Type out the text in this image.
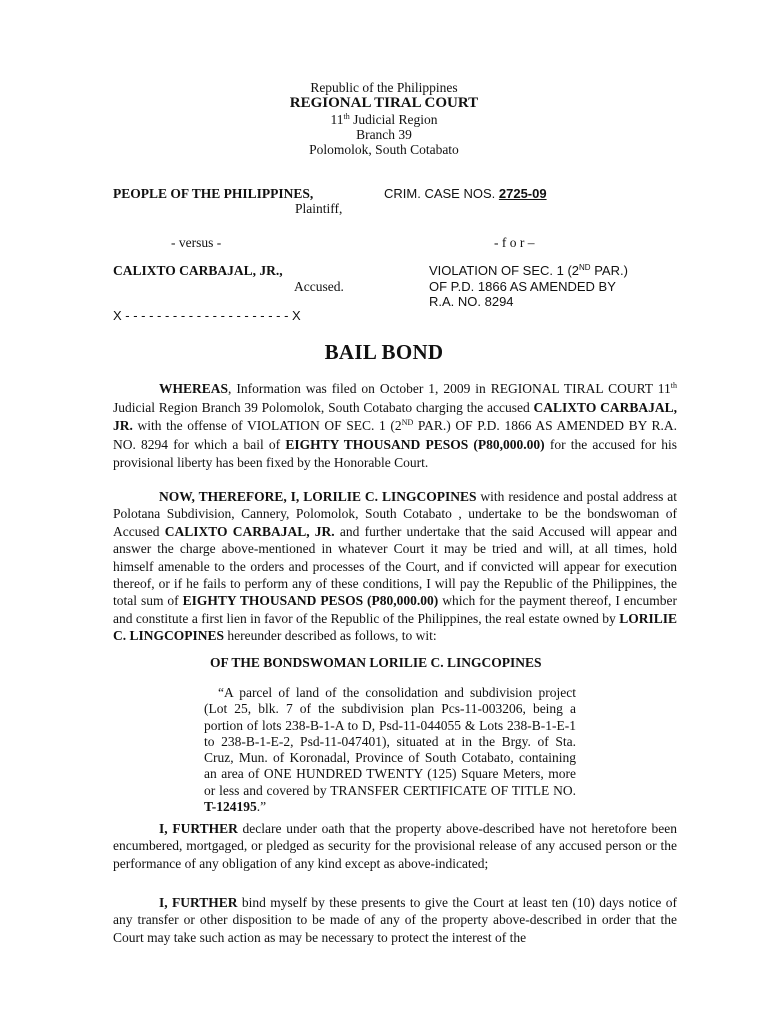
Republic of the Philippines
REGIONAL TIRAL COURT
11th Judicial Region
Branch 39
Polomolok, South Cotabato
PEOPLE OF THE PHILIPPINES,
Plaintiff,
CRIM. CASE NOS. 2725-09
- versus -	- f o r –
CALIXTO CARBAJAL, JR.,
Accused.
VIOLATION OF SEC. 1 (2ND PAR.)
OF P.D. 1866 AS AMENDED BY
R.A. NO. 8294
X - - - - - - - - - - - - - - - - - - - - - X
BAIL BOND

WHEREAS, Information was filed on October 1, 2009 in REGIONAL TIRAL COURT 11th Judicial Region Branch 39 Polomolok, South Cotabato charging the accused CALIXTO CARBAJAL, JR. with the offense of VIOLATION OF SEC. 1 (2ND PAR.) OF P.D. 1866 AS AMENDED BY R.A. NO. 8294 for which a bail of EIGHTY THOUSAND PESOS (P80,000.00) for the accused for his provisional liberty has been fixed by the Honorable Court.

NOW, THEREFORE, I, LORILIE C. LINGCOPINES with residence and postal address at Polotana Subdivision, Cannery, Polomolok, South Cotabato , undertake to be the bondswoman of Accused CALIXTO CARBAJAL, JR. and further undertake that the said Accused will appear and answer the charge above-mentioned in whatever Court it may be tried and will, at all times, hold himself amenable to the orders and processes of the Court, and if convicted will appear for execution thereof, or if he fails to perform any of these conditions, I will pay the Republic of the Philippines, the total sum of EIGHTY THOUSAND PESOS (P80,000.00) which for the payment thereof, I encumber and constitute a first lien in favor of the Republic of the Philippines, the real estate owned by LORILIE C. LINGCOPINES hereunder described as follows, to wit:

OF THE BONDSWOMAN LORILIE C. LINGCOPINES
“A parcel of land of the consolidation and subdivision project (Lot 25, blk. 7 of the subdivision plan Pcs-11-003206, being a portion of lots 238-B-1-A to D, Psd-11-044055 & Lots 238-B-1-E-1 to 238-B-1-E-2, Psd-11-047401), situated at in the Brgy. of Sta. Cruz, Mun. of Koronadal, Province of South Cotabato, containing an area of ONE HUNDRED TWENTY (125) Square Meters, more or less and covered by TRANSFER CERTIFICATE OF TITLE NO. T-124195.”

I, FURTHER declare under oath that the property above-described have not heretofore been encumbered, mortgaged, or pledged as security for the provisional release of any accused person or the performance of any obligation of any kind except as above-indicated;

I, FURTHER bind myself by these presents to give the Court at least ten (10) days notice of any transfer or other disposition to be made of any of the property above-described in order that the Court may take such action as may be necessary to protect the interest of the
